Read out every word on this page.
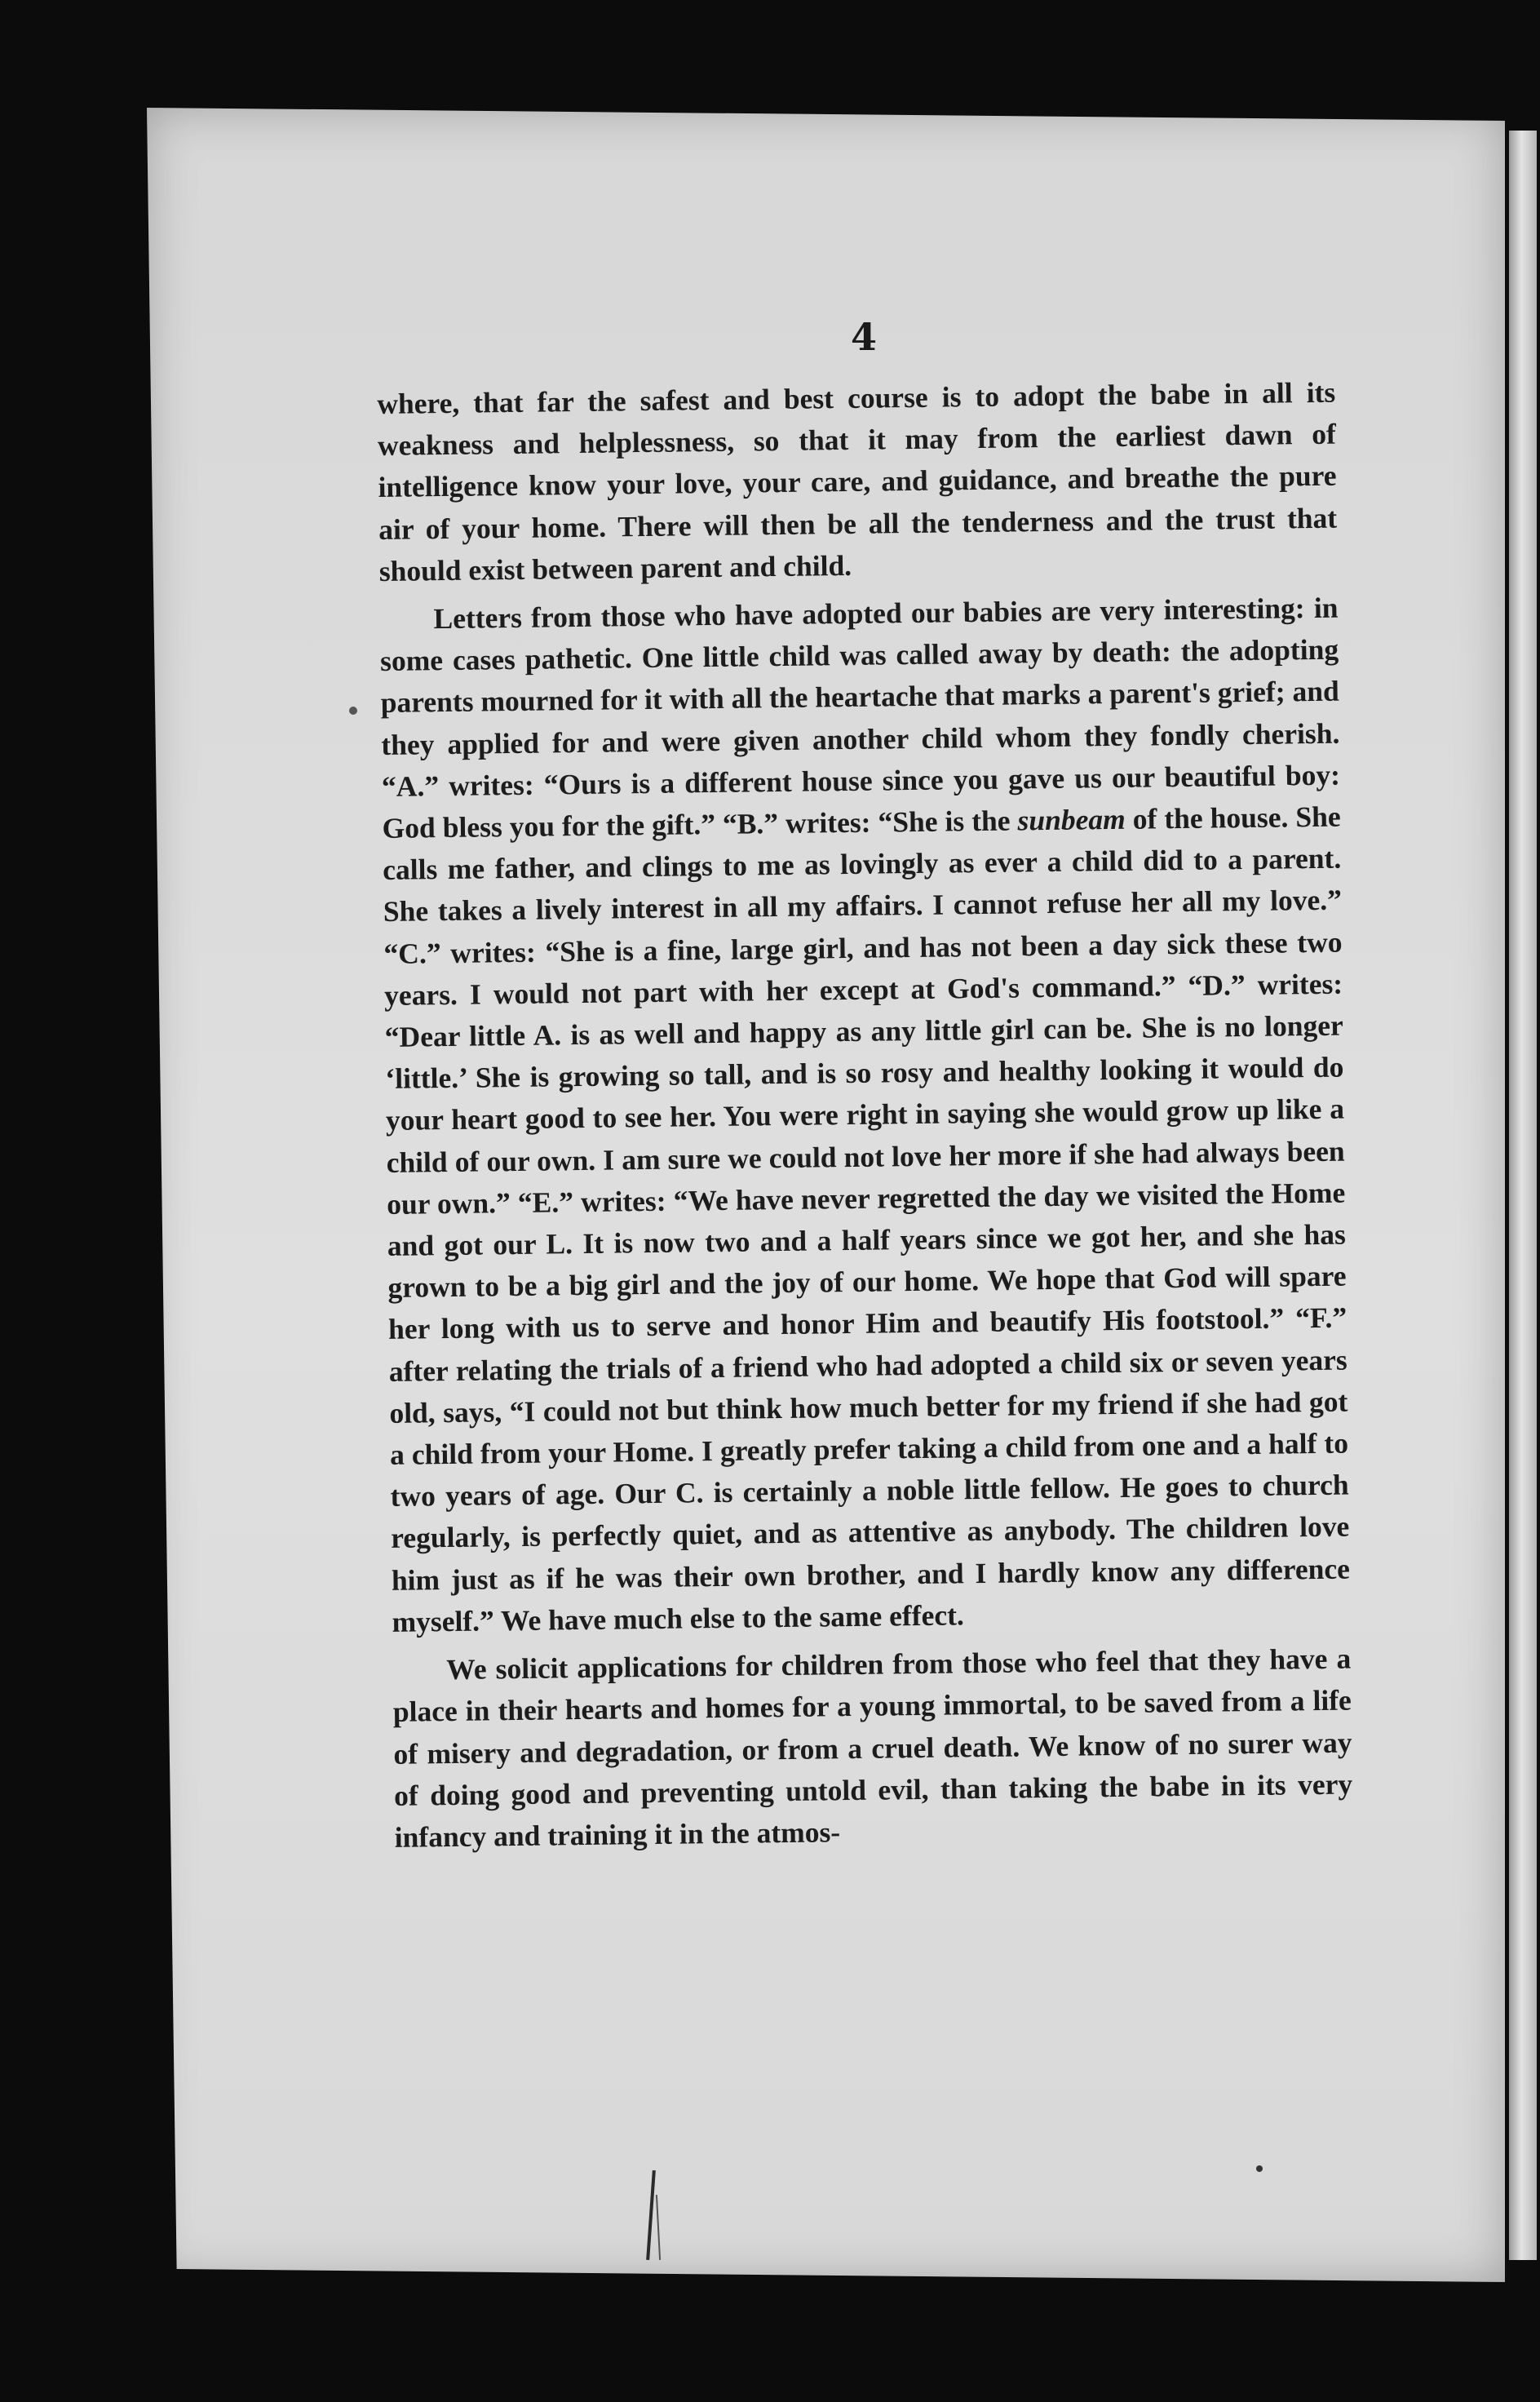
4

where, that far the safest and best course is to adopt the babe in all its weakness and helplessness, so that it may from the earliest dawn of intelligence know your love, your care, and guidance, and breathe the pure air of your home. There will then be all the tenderness and the trust that should exist between parent and child.

Letters from those who have adopted our babies are very interesting: in some cases pathetic. One little child was called away by death: the adopting parents mourned for it with all the heartache that marks a parent's grief; and they applied for and were given another child whom they fondly cherish. “A.” writes: “Ours is a different house since you gave us our beautiful boy: God bless you for the gift.” “B.” writes: “She is the sunbeam of the house. She calls me father, and clings to me as lovingly as ever a child did to a parent. She takes a lively interest in all my affairs. I cannot refuse her all my love.” “C.” writes: “She is a fine, large girl, and has not been a day sick these two years. I would not part with her except at God's command.” “D.” writes: “Dear little A. is as well and happy as any little girl can be. She is no longer ‘little.’ She is growing so tall, and is so rosy and healthy looking it would do your heart good to see her. You were right in saying she would grow up like a child of our own. I am sure we could not love her more if she had always been our own.” “E.” writes: “We have never regretted the day we visited the Home and got our L. It is now two and a half years since we got her, and she has grown to be a big girl and the joy of our home. We hope that God will spare her long with us to serve and honor Him and beautify His footstool.” “F.” after relating the trials of a friend who had adopted a child six or seven years old, says, “I could not but think how much better for my friend if she had got a child from your Home. I greatly prefer taking a child from one and a half to two years of age. Our C. is certainly a noble little fellow. He goes to church regularly, is perfectly quiet, and as attentive as anybody. The children love him just as if he was their own brother, and I hardly know any difference myself.” We have much else to the same effect.

We solicit applications for children from those who feel that they have a place in their hearts and homes for a young immortal, to be saved from a life of misery and degradation, or from a cruel death. We know of no surer way of doing good and preventing untold evil, than taking the babe in its very infancy and training it in the atmos-
